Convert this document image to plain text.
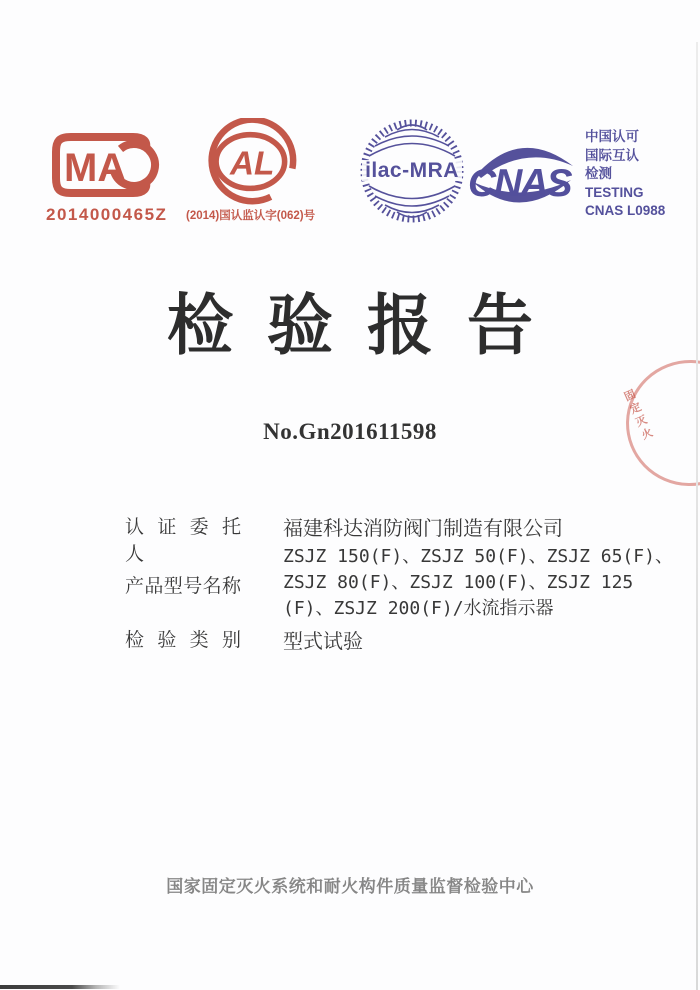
MA
2014000465Z
AL
(2014)国认监认字(062)号
ilac-MRA CNAS
中国认可
国际互认
检测
TESTING
CNAS L0988
检验报告
No.Gn201611598
认 证 委 托 人
福建科达消防阀门制造有限公司
产品型号名称
ZSJZ 150(F)、ZSJZ 50(F)、ZSJZ 65(F)、
ZSJZ 80(F)、ZSJZ 100(F)、ZSJZ 125
(F)、ZSJZ 200(F)/水流指示器
检 验 类 别 型式试验
国家固定灭火系统和耐火构件质量监督检验中心
固定灭火
